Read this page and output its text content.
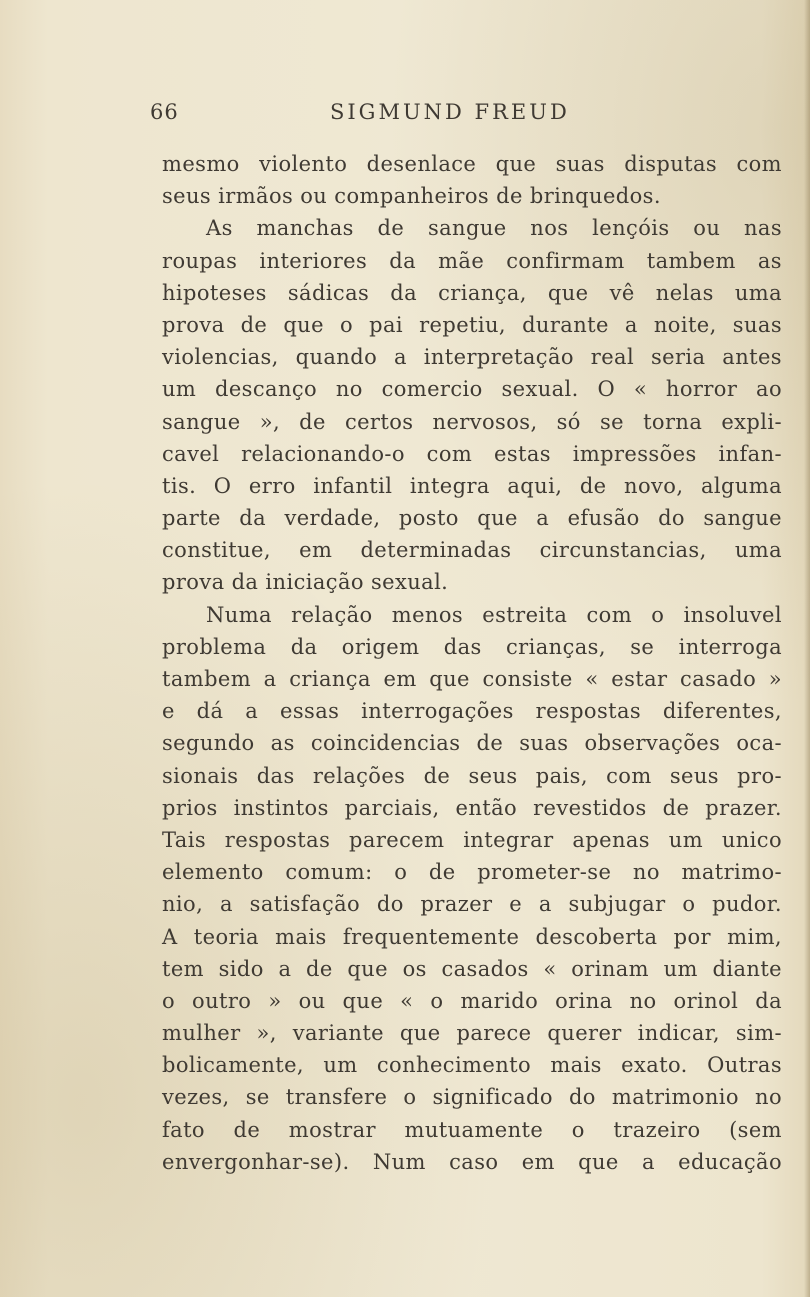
66	SIGMUND FREUD
mesmo violento desenlace que suas disputas com
seus irmãos ou companheiros de brinquedos.
As manchas de sangue nos lençóis ou nas
roupas interiores da mãe confirmam tambem as
hipoteses sádicas da criança, que vê nelas uma
prova de que o pai repetiu, durante a noite, suas
violencias, quando a interpretação real seria antes
um descanço no comercio sexual. O « horror ao
sangue », de certos nervosos, só se torna expli-
cavel relacionando-o com estas impressões infan-
tis. O erro infantil integra aqui, de novo, alguma
parte da verdade, posto que a efusão do sangue
constitue, em determinadas circunstancias, uma
prova da iniciação sexual.
Numa relação menos estreita com o insoluvel
problema da origem das crianças, se interroga
tambem a criança em que consiste « estar casado »
e dá a essas interrogações respostas diferentes,
segundo as coincidencias de suas observações oca-
sionais das relações de seus pais, com seus pro-
prios instintos parciais, então revestidos de prazer.
Tais respostas parecem integrar apenas um unico
elemento comum: o de prometer-se no matrimo-
nio, a satisfação do prazer e a subjugar o pudor.
A teoria mais frequentemente descoberta por mim,
tem sido a de que os casados « orinam um diante
o outro » ou que « o marido orina no orinol da
mulher », variante que parece querer indicar, sim-
bolicamente, um conhecimento mais exato. Outras
vezes, se transfere o significado do matrimonio no
fato de mostrar mutuamente o trazeiro (sem
envergonhar-se). Num caso em que a educação
